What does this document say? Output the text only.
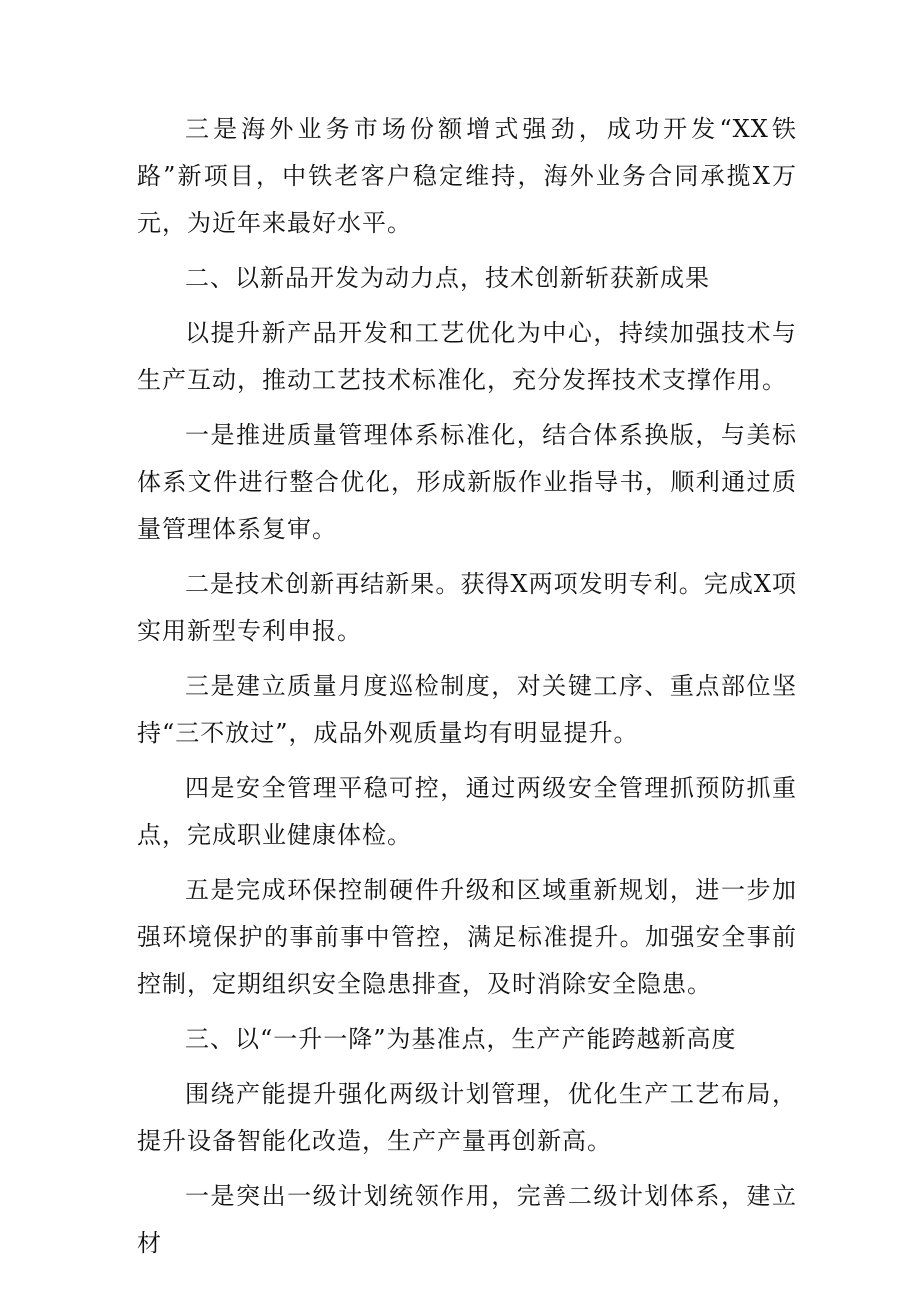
三是海外业务市场份额增式强劲，成功开发“XX铁路”新项目，中铁老客户稳定维持，海外业务合同承揽X万元，为近年来最好水平。

二、以新品开发为动力点，技术创新斩获新成果

以提升新产品开发和工艺优化为中心，持续加强技术与生产互动，推动工艺技术标准化，充分发挥技术支撑作用。

一是推进质量管理体系标准化，结合体系换版，与美标体系文件进行整合优化，形成新版作业指导书，顺利通过质量管理体系复审。

二是技术创新再结新果。获得X两项发明专利。完成X项实用新型专利申报。

三是建立质量月度巡检制度，对关键工序、重点部位坚持“三不放过”，成品外观质量均有明显提升。

四是安全管理平稳可控，通过两级安全管理抓预防抓重点，完成职业健康体检。

五是完成环保控制硬件升级和区域重新规划，进一步加强环境保护的事前事中管控，满足标准提升。加强安全事前控制，定期组织安全隐患排查，及时消除安全隐患。

三、以“一升一降”为基准点，生产产能跨越新高度

围绕产能提升强化两级计划管理，优化生产工艺布局，提升设备智能化改造，生产产量再创新高。

一是突出一级计划统领作用，完善二级计划体系，建立材
